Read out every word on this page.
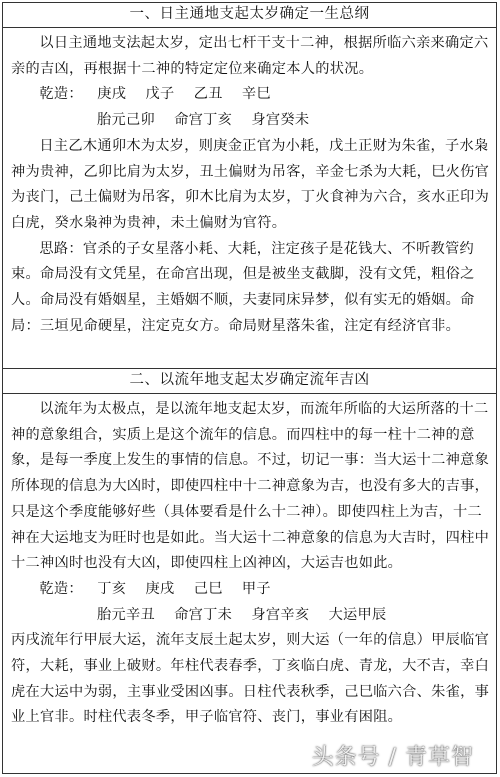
一、日主通地支起太岁确定一生总纲

以日主通地支法起太岁，定出七杆干支十二神，根据所临六亲来确定六亲的吉凶，再根据十二神的特定定位来确定本人的状况。

乾造：   庚戌    戊子    乙丑    辛巳

胎元己卯    命宫丁亥    身宫癸未

日主乙木通卯木为太岁，则庚金正官为小耗，戊土正财为朱雀，子水枭神为贵神，乙卯比肩为太岁，丑土偏财为吊客，辛金七杀为大耗，巳火伤官为丧门，己土偏财为吊客，卯木比肩为太岁，丁火食神为六合，亥水正印为白虎，癸水枭神为贵神，未土偏财为官符。

思路：官杀的子女星落小耗、大耗，注定孩子是花钱大、不听教管约束。命局没有文凭星，在命宫出现，但是被坐支截脚，没有文凭，粗俗之人。命局没有婚姻星，主婚姻不顺，夫妻同床异梦，似有实无的婚姻。命局：三垣见命硬星，注定克女方。命局财星落朱雀，注定有经济官非。

二、以流年地支起太岁确定流年吉凶

以流年为太极点，是以流年地支起太岁，而流年所临的大运所落的十二神的意象组合，实质上是这个流年的信息。而四柱中的每一柱十二神的意象，是每一季度上发生的事情的信息。不过，切记一事：当大运十二神意象所体现的信息为大凶时，即使四柱中十二神意象为吉，也没有多大的吉事，只是这个季度能够好些（具体要看是什么十二神）。即使四柱上为吉，十二神在大运地支为旺时也是如此。当大运十二神意象的信息为大吉时，四柱中十二神凶时也没有大凶，即使四柱上凶神凶，大运吉也如此。

乾造：   丁亥    庚戌    己巳    甲子

胎元辛丑    命宫丁未    身宫辛亥    大运甲辰

丙戌流年行甲辰大运，流年支辰土起太岁，则大运（一年的信息）甲辰临官符，大耗，事业上破财。年柱代表春季，丁亥临白虎、青龙，大不吉，幸白虎在大运中为弱，主事业受困凶事。日柱代表秋季，己巳临六合、朱雀，事业上官非。时柱代表冬季，甲子临官符、丧门，事业有困阻。

头条号 / 青草智
